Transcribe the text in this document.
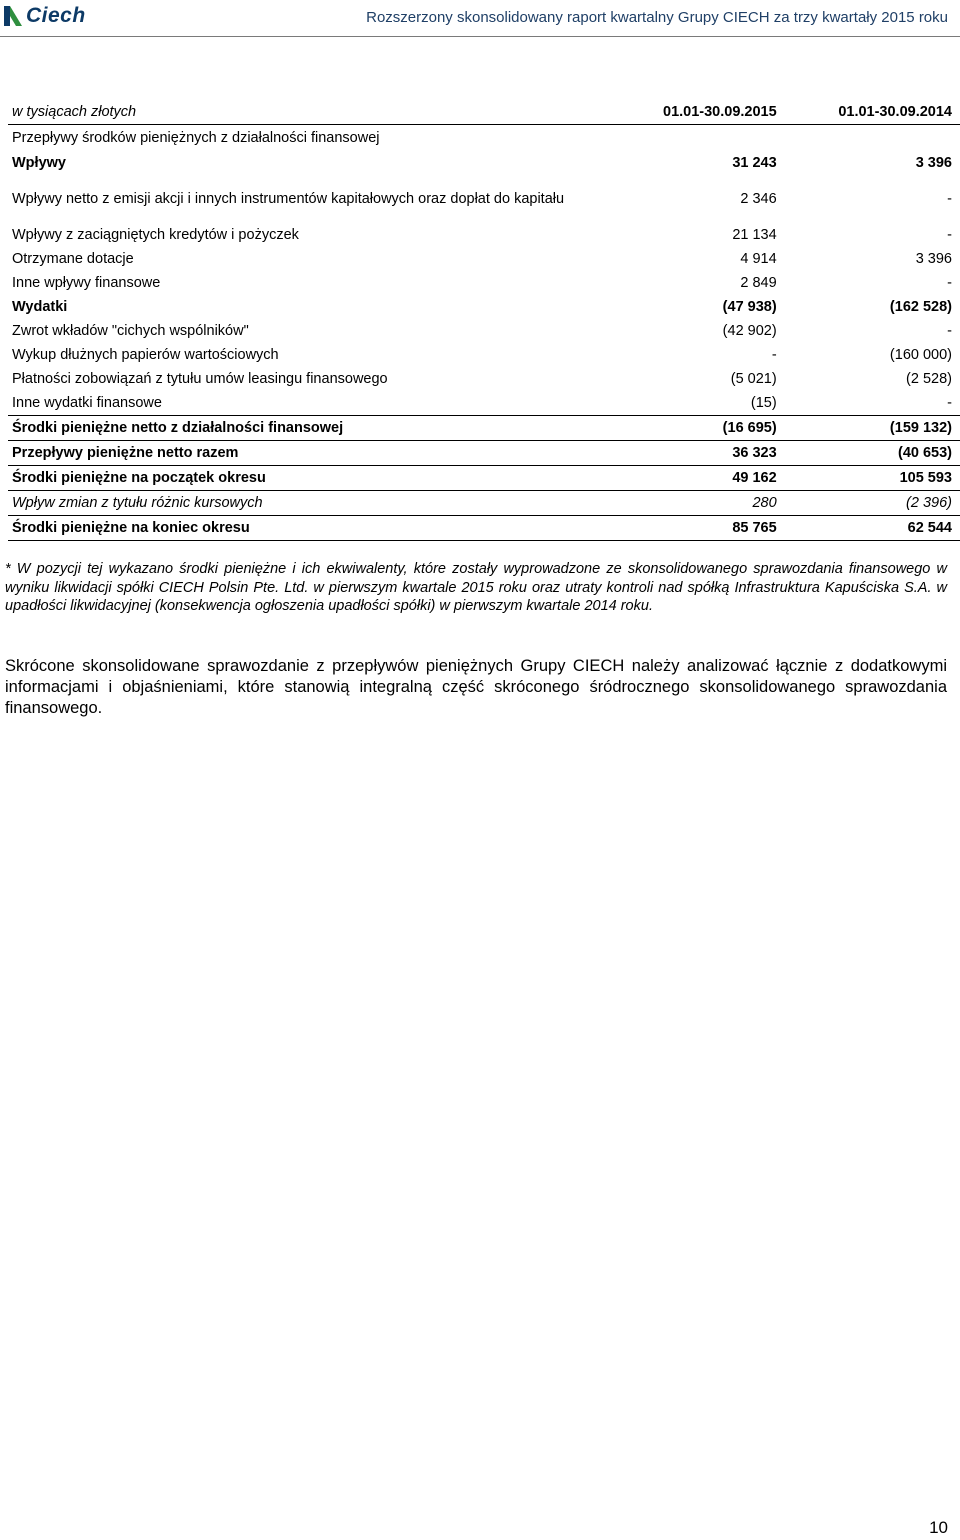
Ciech	Rozszerzony skonsolidowany raport kwartalny Grupy CIECH za trzy kwartały 2015 roku
w tysiącach złotych	01.01-30.09.2015	01.01-30.09.2014
Przepływy środków pieniężnych z działalności finansowej		
Wpływy	31 243	3 396
Wpływy netto z emisji akcji i innych instrumentów kapitałowych oraz dopłat do kapitału	2 346	-
Wpływy z zaciągniętych kredytów i pożyczek	21 134	-
Otrzymane dotacje	4 914	3 396
Inne wpływy finansowe	2 849	-
Wydatki	(47 938)	(162 528)
Zwrot wkładów "cichych wspólników"	(42 902)	-
Wykup dłużnych papierów wartościowych	-	(160 000)
Płatności zobowiązań z tytułu umów leasingu finansowego	(5 021)	(2 528)
Inne wydatki finansowe	(15)	-
Środki pieniężne netto z działalności finansowej	(16 695)	(159 132)
Przepływy pieniężne netto razem	36 323	(40 653)
Środki pieniężne na początek okresu	49 162	105 593
Wpływ zmian z tytułu różnic kursowych	280	(2 396)
Środki pieniężne na koniec okresu	85 765	62 544
* W pozycji tej wykazano środki pieniężne i ich ekwiwalenty, które zostały wyprowadzone ze skonsolidowanego sprawozdania finansowego w wyniku likwidacji spółki CIECH Polsin Pte. Ltd. w pierwszym kwartale 2015 roku oraz utraty kontroli nad spółką Infrastruktura Kapuściska S.A. w upadłości likwidacyjnej (konsekwencja ogłoszenia upadłości spółki) w pierwszym kwartale 2014 roku.
Skrócone skonsolidowane sprawozdanie z przepływów pieniężnych Grupy CIECH należy analizować łącznie z dodatkowymi informacjami i objaśnieniami, które stanowią integralną część skróconego śródrocznego skonsolidowanego sprawozdania finansowego.
10
